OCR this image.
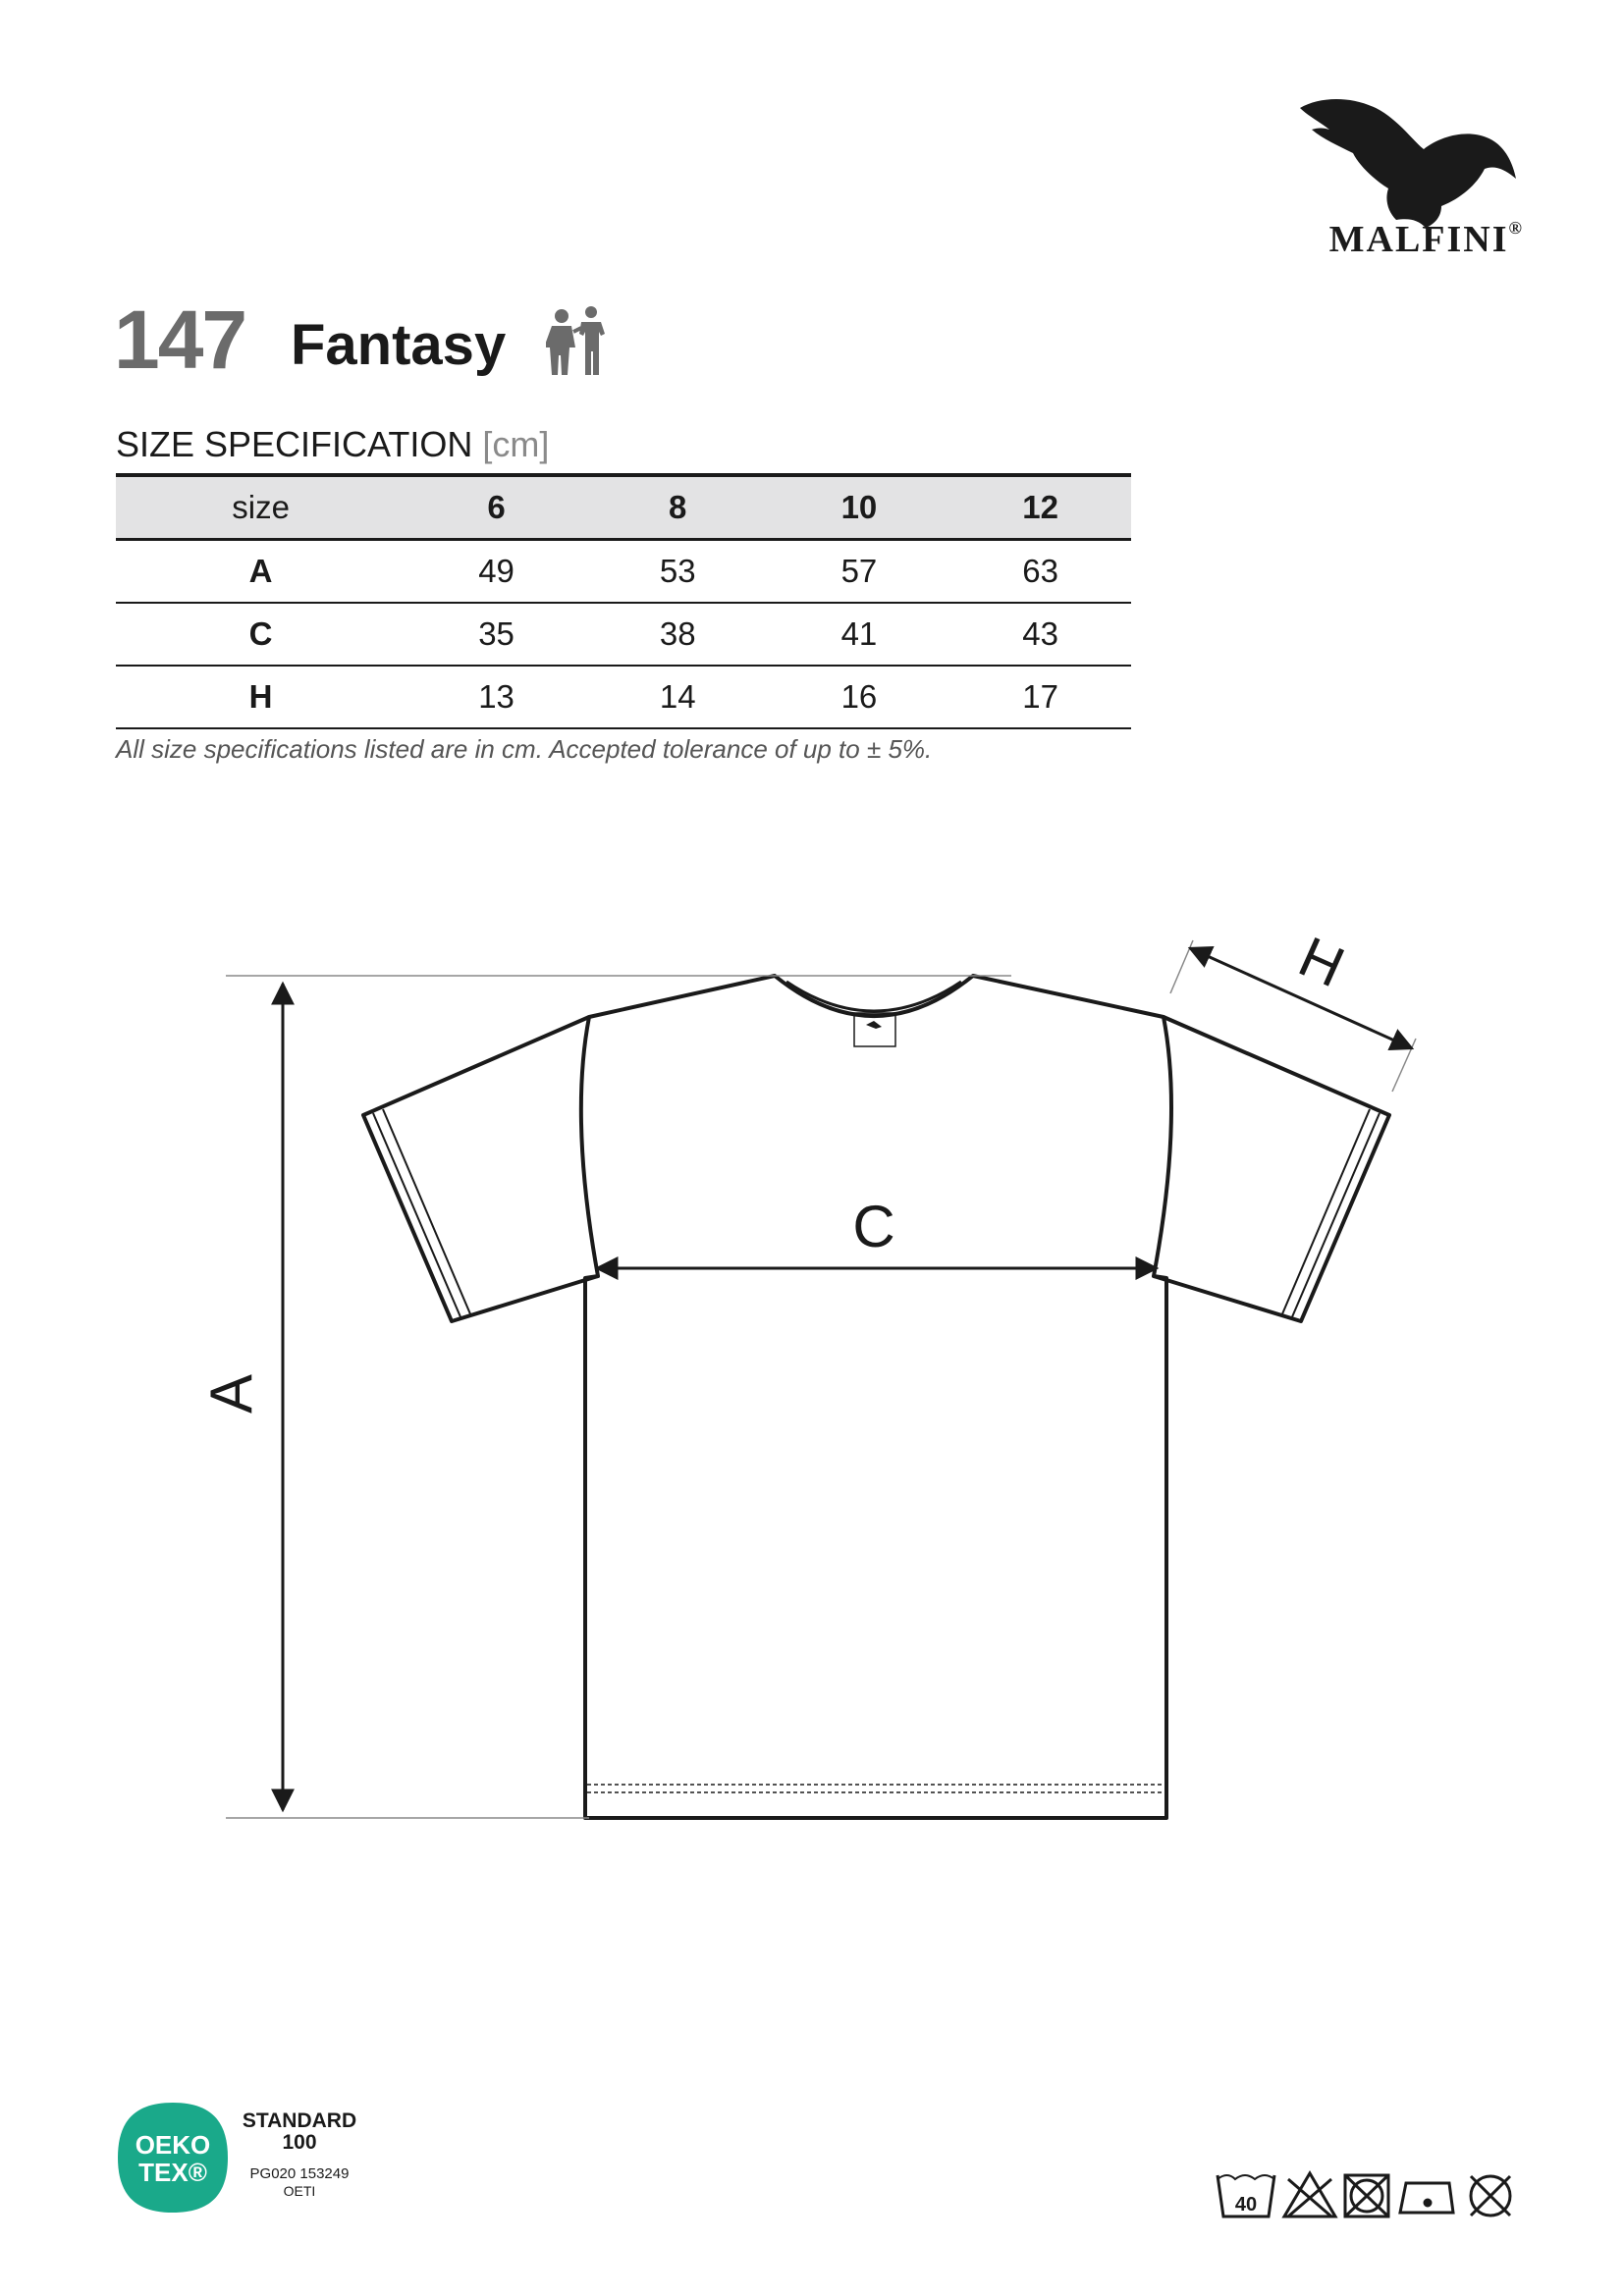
MALFINI®
147 Fantasy
SIZE SPECIFICATION [cm]
size	6	8	10	12
A	49	53	57	63
C	35	38	41	43
H	13	14	16	17
All size specifications listed are in cm. Accepted tolerance of up to ± 5%.
A
C
H
OEKO
TEX®
STANDARD
100
PG020 153249
OETI
40
